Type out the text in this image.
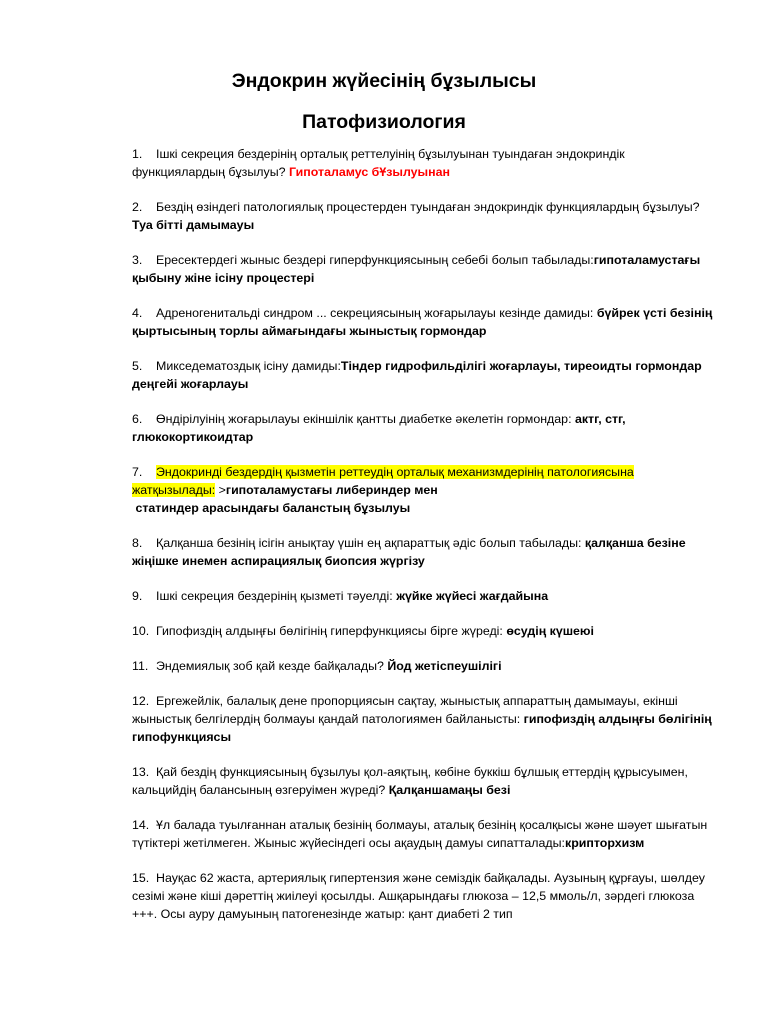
Эндокрин жүйесінің бұзылысы
Патофизиология
1. Ішкі секреция бездерінің орталық реттелуінің бұзылуынан туындаған эндокриндік функциялардың бұзылуы? Гипоталамус бҰзылуынан
2. Бездің өзіндегі патологиялық процестерден туындаған эндокриндік функциялардың бұзылуы? Туа бітті дамымауы
3. Ересектердегі жыныс бездері гиперфункциясының себебі болып табылады:гипоталамустағы қыбыну жіне ісіну процестері
4. Адреногенитальді синдром ... секрециясының жоғарылауы кезінде дамиды: бүйрек үсті безінің қыртысының торлы аймағындағы жыныстық гормондар
5. Микседематоздық ісіну дамиды:Тіндер гидрофильділігі жоғарлауы, тиреоидты гормондар деңгейі жоғарлауы
6. Өндірілуінің жоғарылауы екіншілік қантты диабетке әкелетін гормондар: актг, стг, глюкокортикоидтар
7. Эндокринді бездердің қызметін реттеудің орталық механизмдерінің патологиясына жатқызылады: >гипоталамустағы либериндер мен
статиндер арасындағы баланстың бұзылуы
8. Қалқанша безінің ісігін анықтау үшін ең ақпараттық әдіс болып табылады: қалқанша безіне жіңішке инемен аспирациялық биопсия жүргізу
9. Ішкі секреция бездерінің қызметі тәуелді: жүйке жүйесі жағдайына
10. Гипофиздің алдыңғы бөлігінің гиперфункциясы бірге жүреді: өсудің күшеюі
11. Эндемиялық зоб қай кезде байқалады? Йод жетіспеушілігі
12. Ергежейлік, балалық дене пропорциясын сақтау, жыныстық аппараттың дамымауы, екінші жыныстық белгілердің болмауы қандай патологиямен байланысты: гипофиздің алдыңғы бөлігінің гипофункциясы
13. Қай бездің функциясының бұзылуы қол-аяқтың, көбіне буккіш бұлшық еттердің құрысуымен, кальцийдің балансының өзгеруімен жүреді? Қалқаншамаңы безі
14. Ұл балада туылғаннан аталық безінің болмауы, аталық безінің қосалқысы және шәует шығатын түтіктері жетілмеген. Жыныс жүйесіндегі осы ақаудың дамуы сипатталады:крипторхизм
15. Науқас 62 жаста, артериялық гипертензия және семіздік байқалады. Аузының құрғауы, шөлдеу сезімі және кіші дәреттің жиілеуі қосылды. Ашқарындағы глюкоза – 12,5 ммоль/л, зәрдегі глюкоза +++. Осы ауру дамуының патогенезінде жатыр: қант диабеті 2 тип
